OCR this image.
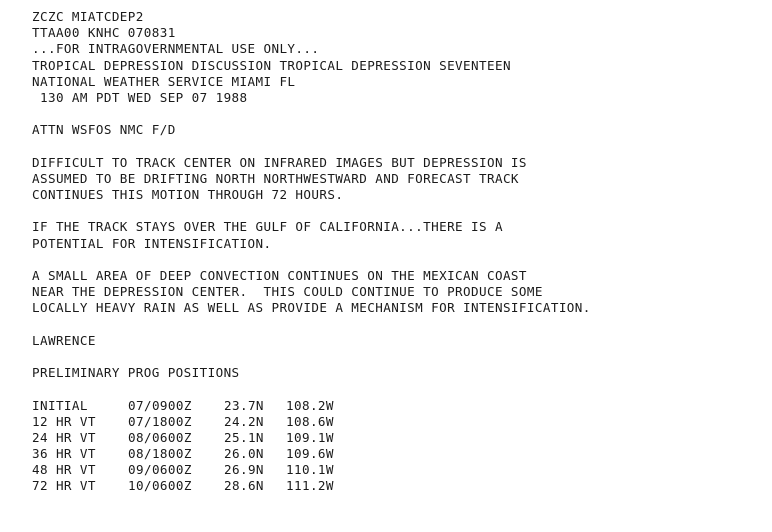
ZCZC MIATCDEP2
TTAA00 KNHC 070831
...FOR INTRAGOVERNMENTAL USE ONLY...
TROPICAL DEPRESSION DISCUSSION TROPICAL DEPRESSION SEVENTEEN
NATIONAL WEATHER SERVICE MIAMI FL
130 AM PDT WED SEP 07 1988
ATTN WSFOS NMC F/D
DIFFICULT TO TRACK CENTER ON INFRARED IMAGES BUT DEPRESSION IS
ASSUMED TO BE DRIFTING NORTH NORTHWESTWARD AND FORECAST TRACK
CONTINUES THIS MOTION THROUGH 72 HOURS.
IF THE TRACK STAYS OVER THE GULF OF CALIFORNIA...THERE IS A
POTENTIAL FOR INTENSIFICATION.
A SMALL AREA OF DEEP CONVECTION CONTINUES ON THE MEXICAN COAST
NEAR THE DEPRESSION CENTER.  THIS COULD CONTINUE TO PRODUCE SOME
LOCALLY HEAVY RAIN AS WELL AS PROVIDE A MECHANISM FOR INTENSIFICATION.
LAWRENCE
PRELIMINARY PROG POSITIONS
INITIAL	07/0900Z	23.7N	108.2W
12 HR VT	07/1800Z	24.2N	108.6W
24 HR VT	08/0600Z	25.1N	109.1W
36 HR VT	08/1800Z	26.0N	109.6W
48 HR VT	09/0600Z	26.9N	110.1W
72 HR VT	10/0600Z	28.6N	111.2W
